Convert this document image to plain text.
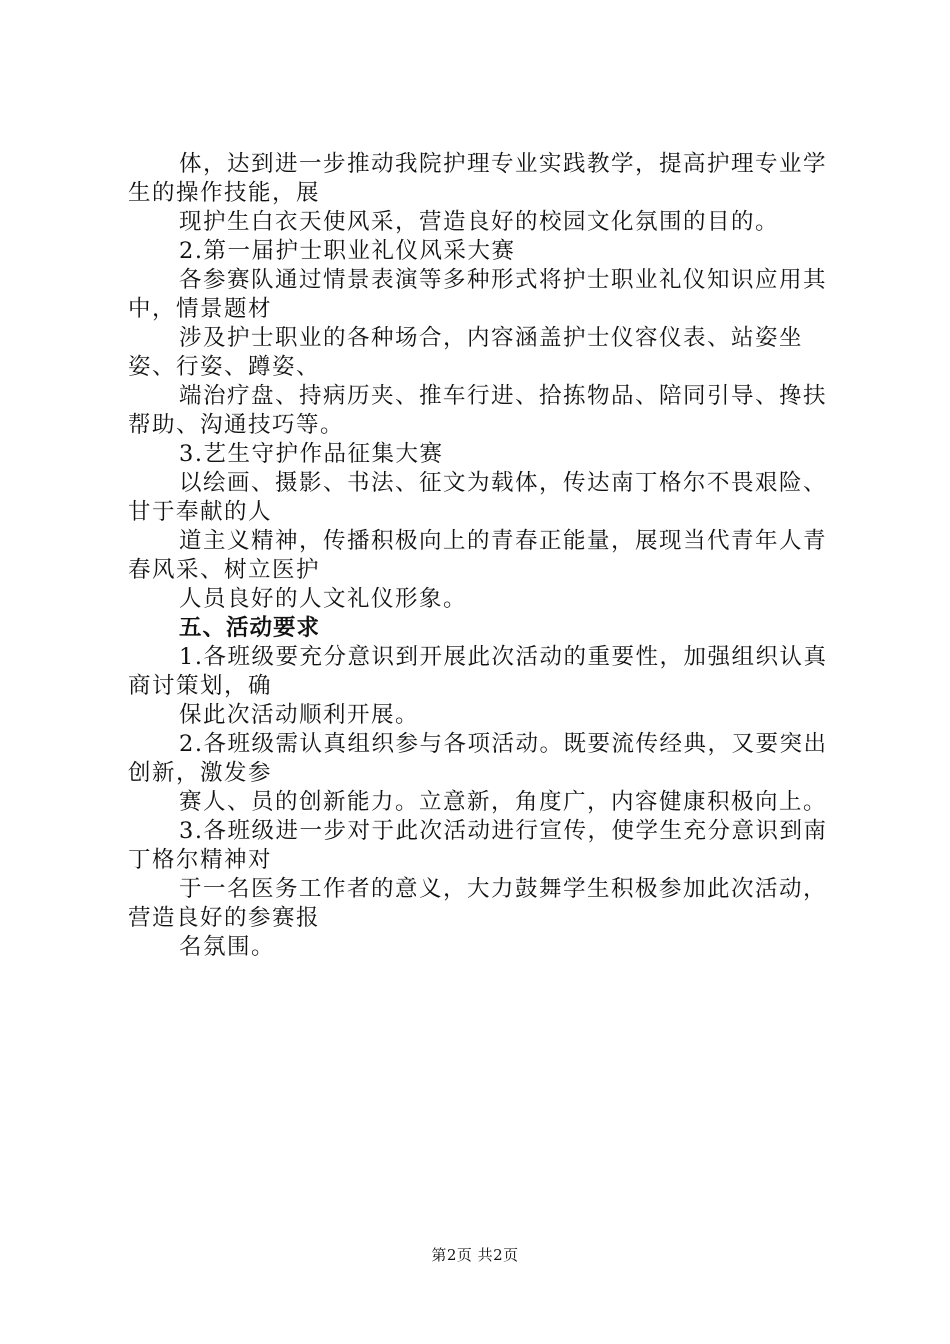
体，达到进一步推动我院护理专业实践教学，提高护理专业学生的操作技能，展

现护生白衣天使风采，营造良好的校园文化氛围的目的。

2.第一届护士职业礼仪风采大赛

各参赛队通过情景表演等多种形式将护士职业礼仪知识应用其中，情景题材

涉及护士职业的各种场合，内容涵盖护士仪容仪表、站姿坐姿、行姿、蹲姿、

端治疗盘、持病历夹、推车行进、拾拣物品、陪同引导、搀扶帮助、沟通技巧等。

3.艺生守护作品征集大赛

以绘画、摄影、书法、征文为载体，传达南丁格尔不畏艰险、甘于奉献的人

道主义精神，传播积极向上的青春正能量，展现当代青年人青春风采、树立医护

人员良好的人文礼仪形象。

五、活动要求

1.各班级要充分意识到开展此次活动的重要性，加强组织认真商讨策划，确

保此次活动顺利开展。

2.各班级需认真组织参与各项活动。既要流传经典，又要突出创新，激发参

赛人、员的创新能力。立意新，角度广，内容健康积极向上。

3.各班级进一步对于此次活动进行宣传，使学生充分意识到南丁格尔精神对

于一名医务工作者的意义，大力鼓舞学生积极参加此次活动，营造良好的参赛报

名氛围。

第2页 共2页
